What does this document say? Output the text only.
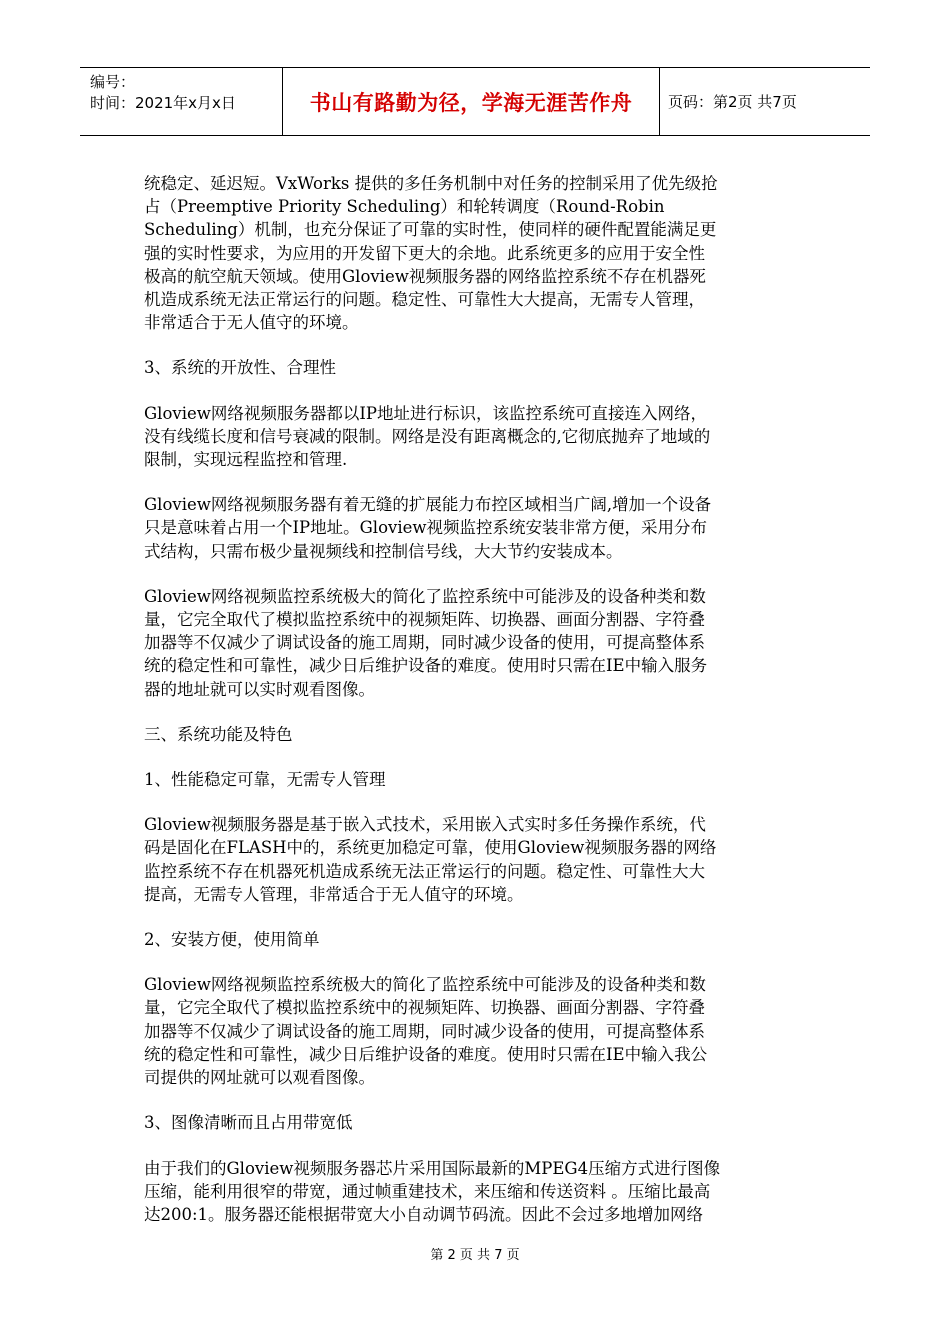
编号：
时间：2021年x月x日	书山有路勤为径，学海无涯苦作舟	页码：第2页 共7页

统稳定、延迟短。VxWorks 提供的多任务机制中对任务的控制采用了优先级抢
占（Preemptive Priority Scheduling）和轮转调度（Round-Robin
Scheduling）机制，也充分保证了可靠的实时性，使同样的硬件配置能满足更
强的实时性要求，为应用的开发留下更大的余地。此系统更多的应用于安全性
极高的航空航天领域。使用Gloview视频服务器的网络监控系统不存在机器死
机造成系统无法正常运行的问题。稳定性、可靠性大大提高，无需专人管理，
非常适合于无人值守的环境。

3、系统的开放性、合理性

Gloview网络视频服务器都以IP地址进行标识，该监控系统可直接连入网络，
没有线缆长度和信号衰减的限制。网络是没有距离概念的,它彻底抛弃了地域的
限制，实现远程监控和管理.

Gloview网络视频服务器有着无缝的扩展能力布控区域相当广阔,增加一个设备
只是意味着占用一个IP地址。Gloview视频监控系统安装非常方便，采用分布
式结构，只需布极少量视频线和控制信号线，大大节约安装成本。

Gloview网络视频监控系统极大的简化了监控系统中可能涉及的设备种类和数
量，它完全取代了模拟监控系统中的视频矩阵、切换器、画面分割器、字符叠
加器等不仅减少了调试设备的施工周期，同时减少设备的使用，可提高整体系
统的稳定性和可靠性，减少日后维护设备的难度。使用时只需在IE中输入服务
器的地址就可以实时观看图像。

三、系统功能及特色

1、性能稳定可靠，无需专人管理

Gloview视频服务器是基于嵌入式技术，采用嵌入式实时多任务操作系统，代
码是固化在FLASH中的，系统更加稳定可靠，使用Gloview视频服务器的网络
监控系统不存在机器死机造成系统无法正常运行的问题。稳定性、可靠性大大
提高，无需专人管理，非常适合于无人值守的环境。

2、安装方便，使用简单

Gloview网络视频监控系统极大的简化了监控系统中可能涉及的设备种类和数
量，它完全取代了模拟监控系统中的视频矩阵、切换器、画面分割器、字符叠
加器等不仅减少了调试设备的施工周期，同时减少设备的使用，可提高整体系
统的稳定性和可靠性，减少日后维护设备的难度。使用时只需在IE中输入我公
司提供的网址就可以观看图像。

3、图像清晰而且占用带宽低

由于我们的Gloview视频服务器芯片采用国际最新的MPEG4压缩方式进行图像
压缩，能利用很窄的带宽，通过帧重建技术，来压缩和传送资料 。压缩比最高
达200:1。服务器还能根据带宽大小自动调节码流。因此不会过多地增加网络

第 2 页 共 7 页
